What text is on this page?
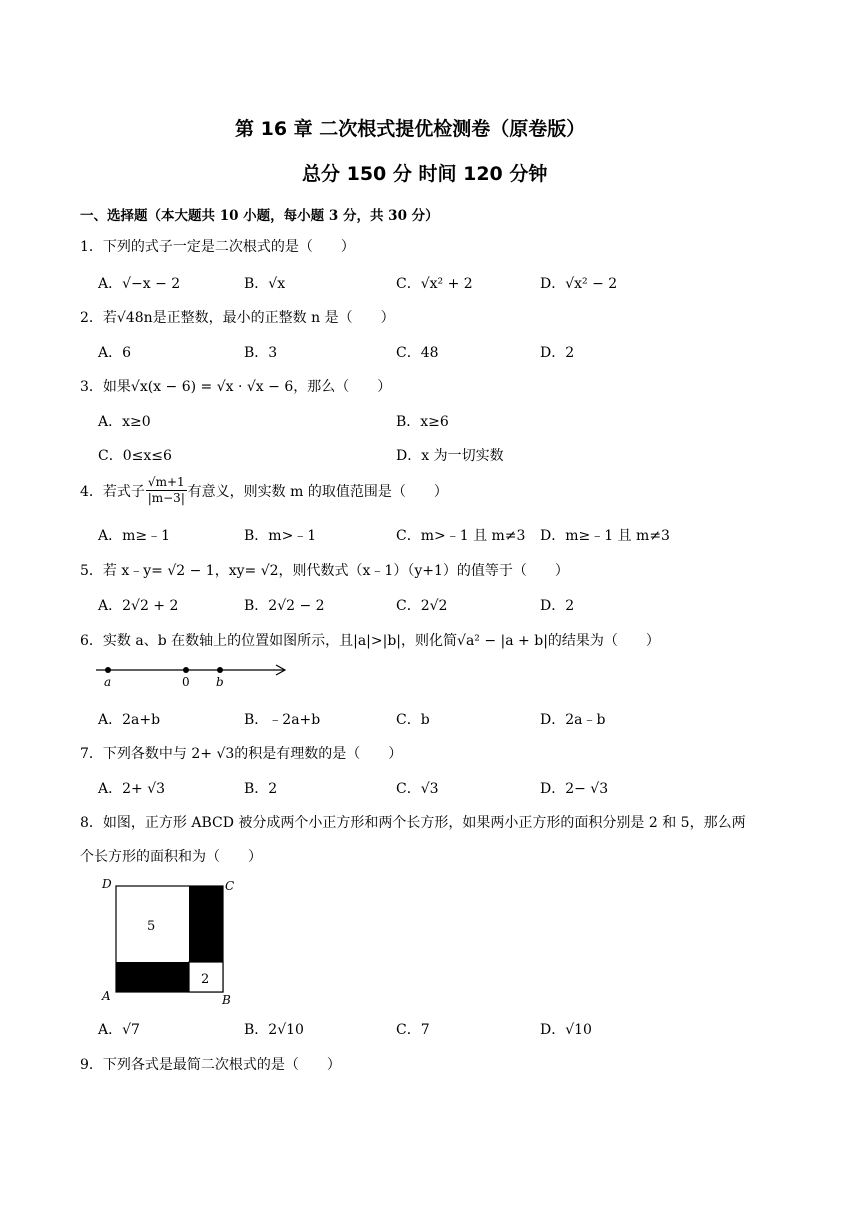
第 16 章 二次根式提优检测卷（原卷版）
总分 150 分 时间 120 分钟
一、选择题（本大题共 10 小题，每小题 3 分，共 30 分）
1．下列的式子一定是二次根式的是（　　）
A．√−x − 2	B．√x	C．√x² + 2	D．√x² − 2
2．若√48n是正整数，最小的正整数 n 是（　　）
A．6	B．3	C．48	D．2
3．如果√x(x − 6) = √x · √x − 6，那么（　　）
A．x≥0	B．x≥6
C．0≤x≤6	D．x 为一切实数
4．若式子 $\frac{√m+1}{|m-3|}$ 有意义，则实数 m 的取值范围是（　　）
A．m≥﹣1	B．m>﹣1	C．m>﹣1 且 m≠3 D．m≥﹣1 且 m≠3
5．若 x﹣y= √2 − 1，xy= √2，则代数式（x﹣1）（y+1）的值等于（　　）
A．2√2 + 2	B．2√2 − 2	C．2√2	D．2
6．实数 a、b 在数轴上的位置如图所示，且|a|>|b|，则化简√a² − |a + b|的结果为（　　）
a	0 b
A．2a+b	B．﹣2a+b	C．b	D．2a﹣b
7．下列各数中与 2+ √3的积是有理数的是（　　）
A．2+ √3	B．2	C．√3	D．2− √3
8．如图，正方形 ABCD 被分成两个小正方形和两个长方形，如果两小正方形的面积分别是 2 和 5，那么两
个长方形的面积和为（　　）
5
2
D	C
A	B
A．√7	B．2√10	C．7	D．√10
9．下列各式是最简二次根式的是（　　）
